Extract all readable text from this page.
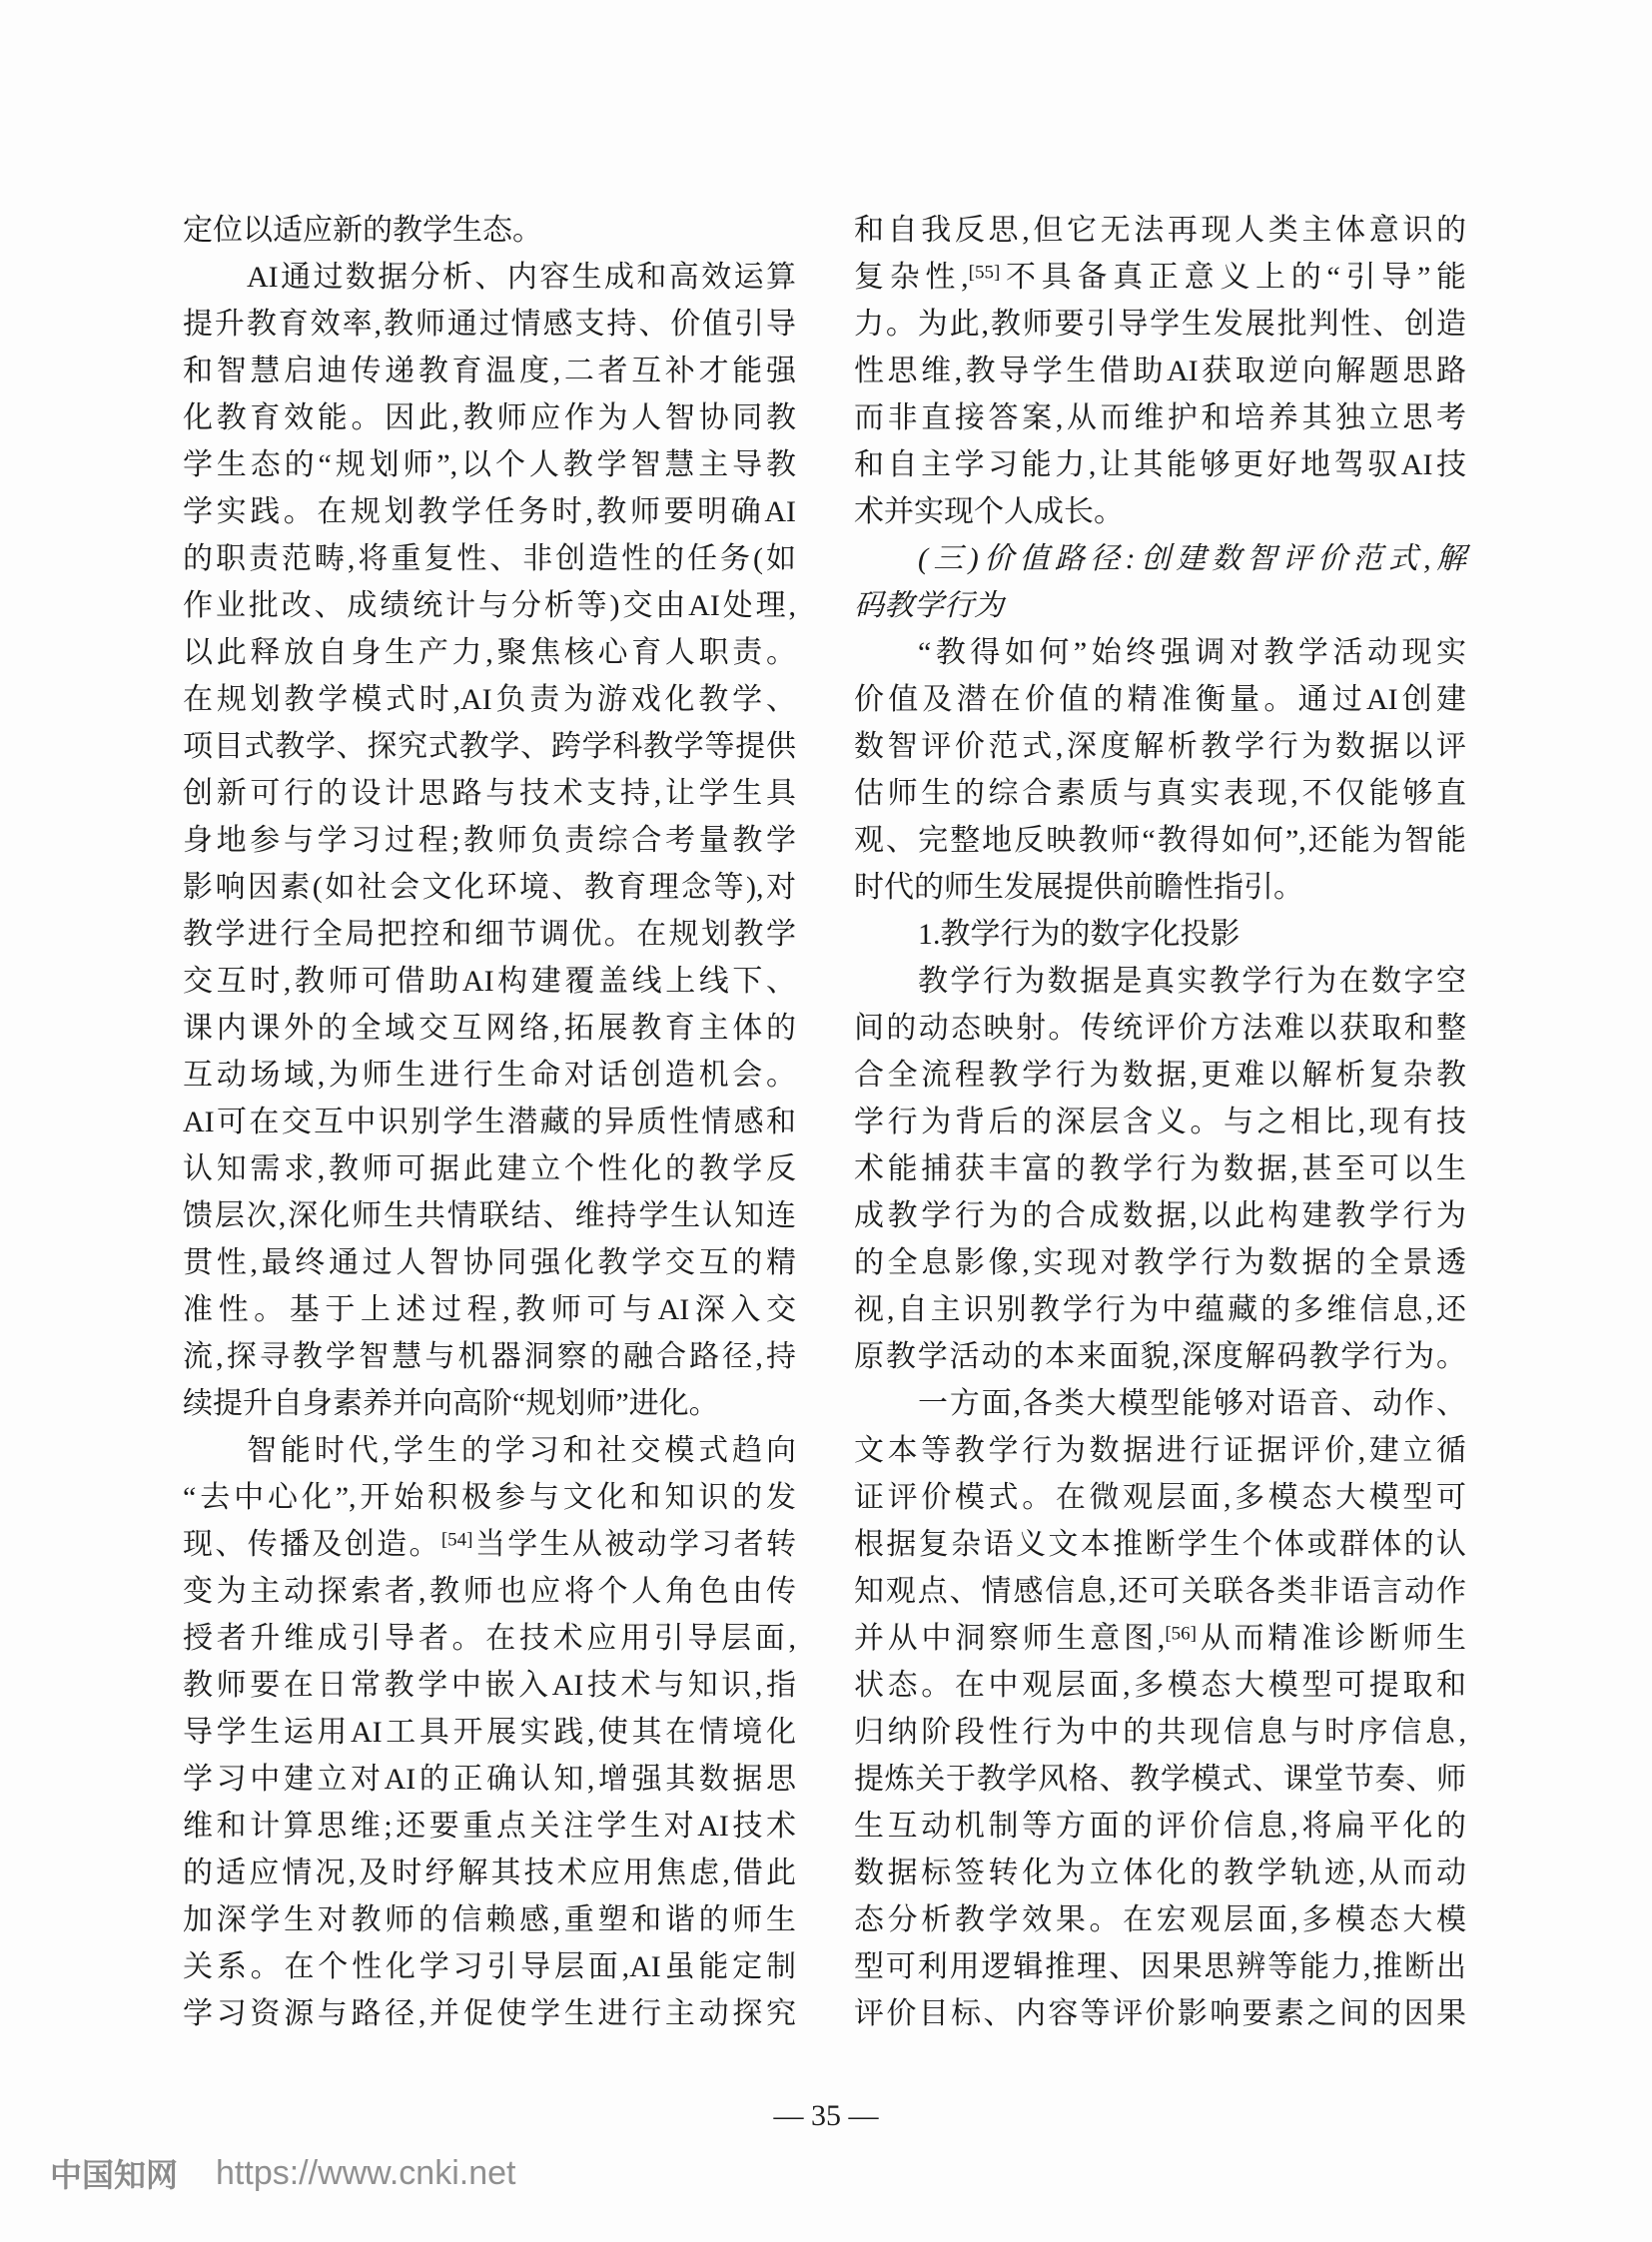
定位以适应新的教学生态。
AI通过数据分析、内容生成和高效运算
提升教育效率,教师通过情感支持、价值引导
和智慧启迪传递教育温度,二者互补才能强
化教育效能。因此,教师应作为人智协同教
学生态的“规划师”,以个人教学智慧主导教
学实践。在规划教学任务时,教师要明确AI
的职责范畴,将重复性、非创造性的任务(如
作业批改、成绩统计与分析等)交由AI处理,
以此释放自身生产力,聚焦核心育人职责。
在规划教学模式时,AI负责为游戏化教学、
项目式教学、探究式教学、跨学科教学等提供
创新可行的设计思路与技术支持,让学生具
身地参与学习过程;教师负责综合考量教学
影响因素(如社会文化环境、教育理念等),对
教学进行全局把控和细节调优。在规划教学
交互时,教师可借助AI构建覆盖线上线下、
课内课外的全域交互网络,拓展教育主体的
互动场域,为师生进行生命对话创造机会。
AI可在交互中识别学生潜藏的异质性情感和
认知需求,教师可据此建立个性化的教学反
馈层次,深化师生共情联结、维持学生认知连
贯性,最终通过人智协同强化教学交互的精
准性。基于上述过程,教师可与AI深入交
流,探寻教学智慧与机器洞察的融合路径,持
续提升自身素养并向高阶“规划师”进化。
智能时代,学生的学习和社交模式趋向
“去中心化”,开始积极参与文化和知识的发
现、传播及创造。[54]当学生从被动学习者转
变为主动探索者,教师也应将个人角色由传
授者升维成引导者。在技术应用引导层面,
教师要在日常教学中嵌入AI技术与知识,指
导学生运用AI工具开展实践,使其在情境化
学习中建立对AI的正确认知,增强其数据思
维和计算思维;还要重点关注学生对AI技术
的适应情况,及时纾解其技术应用焦虑,借此
加深学生对教师的信赖感,重塑和谐的师生
关系。在个性化学习引导层面,AI虽能定制
学习资源与路径,并促使学生进行主动探究
和自我反思,但它无法再现人类主体意识的
复杂性,[55]不具备真正意义上的“引导”能
力。为此,教师要引导学生发展批判性、创造
性思维,教导学生借助AI获取逆向解题思路
而非直接答案,从而维护和培养其独立思考
和自主学习能力,让其能够更好地驾驭AI技
术并实现个人成长。
(三)价值路径:创建数智评价范式,解
码教学行为
“教得如何”始终强调对教学活动现实
价值及潜在价值的精准衡量。通过AI创建
数智评价范式,深度解析教学行为数据以评
估师生的综合素质与真实表现,不仅能够直
观、完整地反映教师“教得如何”,还能为智能
时代的师生发展提供前瞻性指引。
1.教学行为的数字化投影
教学行为数据是真实教学行为在数字空
间的动态映射。传统评价方法难以获取和整
合全流程教学行为数据,更难以解析复杂教
学行为背后的深层含义。与之相比,现有技
术能捕获丰富的教学行为数据,甚至可以生
成教学行为的合成数据,以此构建教学行为
的全息影像,实现对教学行为数据的全景透
视,自主识别教学行为中蕴藏的多维信息,还
原教学活动的本来面貌,深度解码教学行为。
一方面,各类大模型能够对语音、动作、
文本等教学行为数据进行证据评价,建立循
证评价模式。在微观层面,多模态大模型可
根据复杂语义文本推断学生个体或群体的认
知观点、情感信息,还可关联各类非语言动作
并从中洞察师生意图,[56]从而精准诊断师生
状态。在中观层面,多模态大模型可提取和
归纳阶段性行为中的共现信息与时序信息,
提炼关于教学风格、教学模式、课堂节奏、师
生互动机制等方面的评价信息,将扁平化的
数据标签转化为立体化的教学轨迹,从而动
态分析教学效果。在宏观层面,多模态大模
型可利用逻辑推理、因果思辨等能力,推断出
评价目标、内容等评价影响要素之间的因果
— 35 —
中国知网 https://www.cnki.net
